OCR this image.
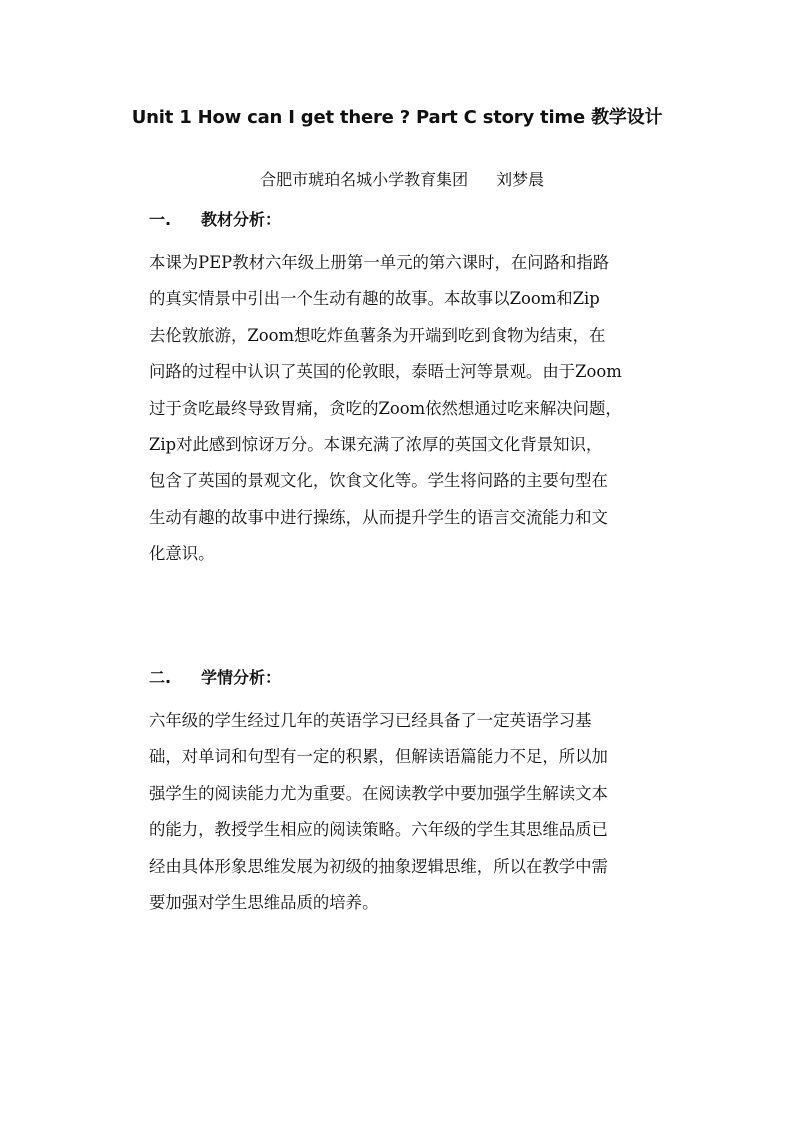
Unit 1 How can I get there ? Part C story time 教学设计

合肥市琥珀名城小学教育集团 刘梦晨

一. 教材分析：
本课为PEP教材六年级上册第一单元的第六课时，在问路和指路
的真实情景中引出一个生动有趣的故事。本故事以Zoom和Zip
去伦敦旅游，Zoom想吃炸鱼薯条为开端到吃到食物为结束，在
问路的过程中认识了英国的伦敦眼，泰晤士河等景观。由于Zoom
过于贪吃最终导致胃痛，贪吃的Zoom依然想通过吃来解决问题，
Zip对此感到惊讶万分。本课充满了浓厚的英国文化背景知识，
包含了英国的景观文化，饮食文化等。学生将问路的主要句型在
生动有趣的故事中进行操练，从而提升学生的语言交流能力和文
化意识。
二. 学情分析：
六年级的学生经过几年的英语学习已经具备了一定英语学习基
础，对单词和句型有一定的积累，但解读语篇能力不足，所以加
强学生的阅读能力尤为重要。在阅读教学中要加强学生解读文本
的能力，教授学生相应的阅读策略。六年级的学生其思维品质已
经由具体形象思维发展为初级的抽象逻辑思维，所以在教学中需
要加强对学生思维品质的培养。
